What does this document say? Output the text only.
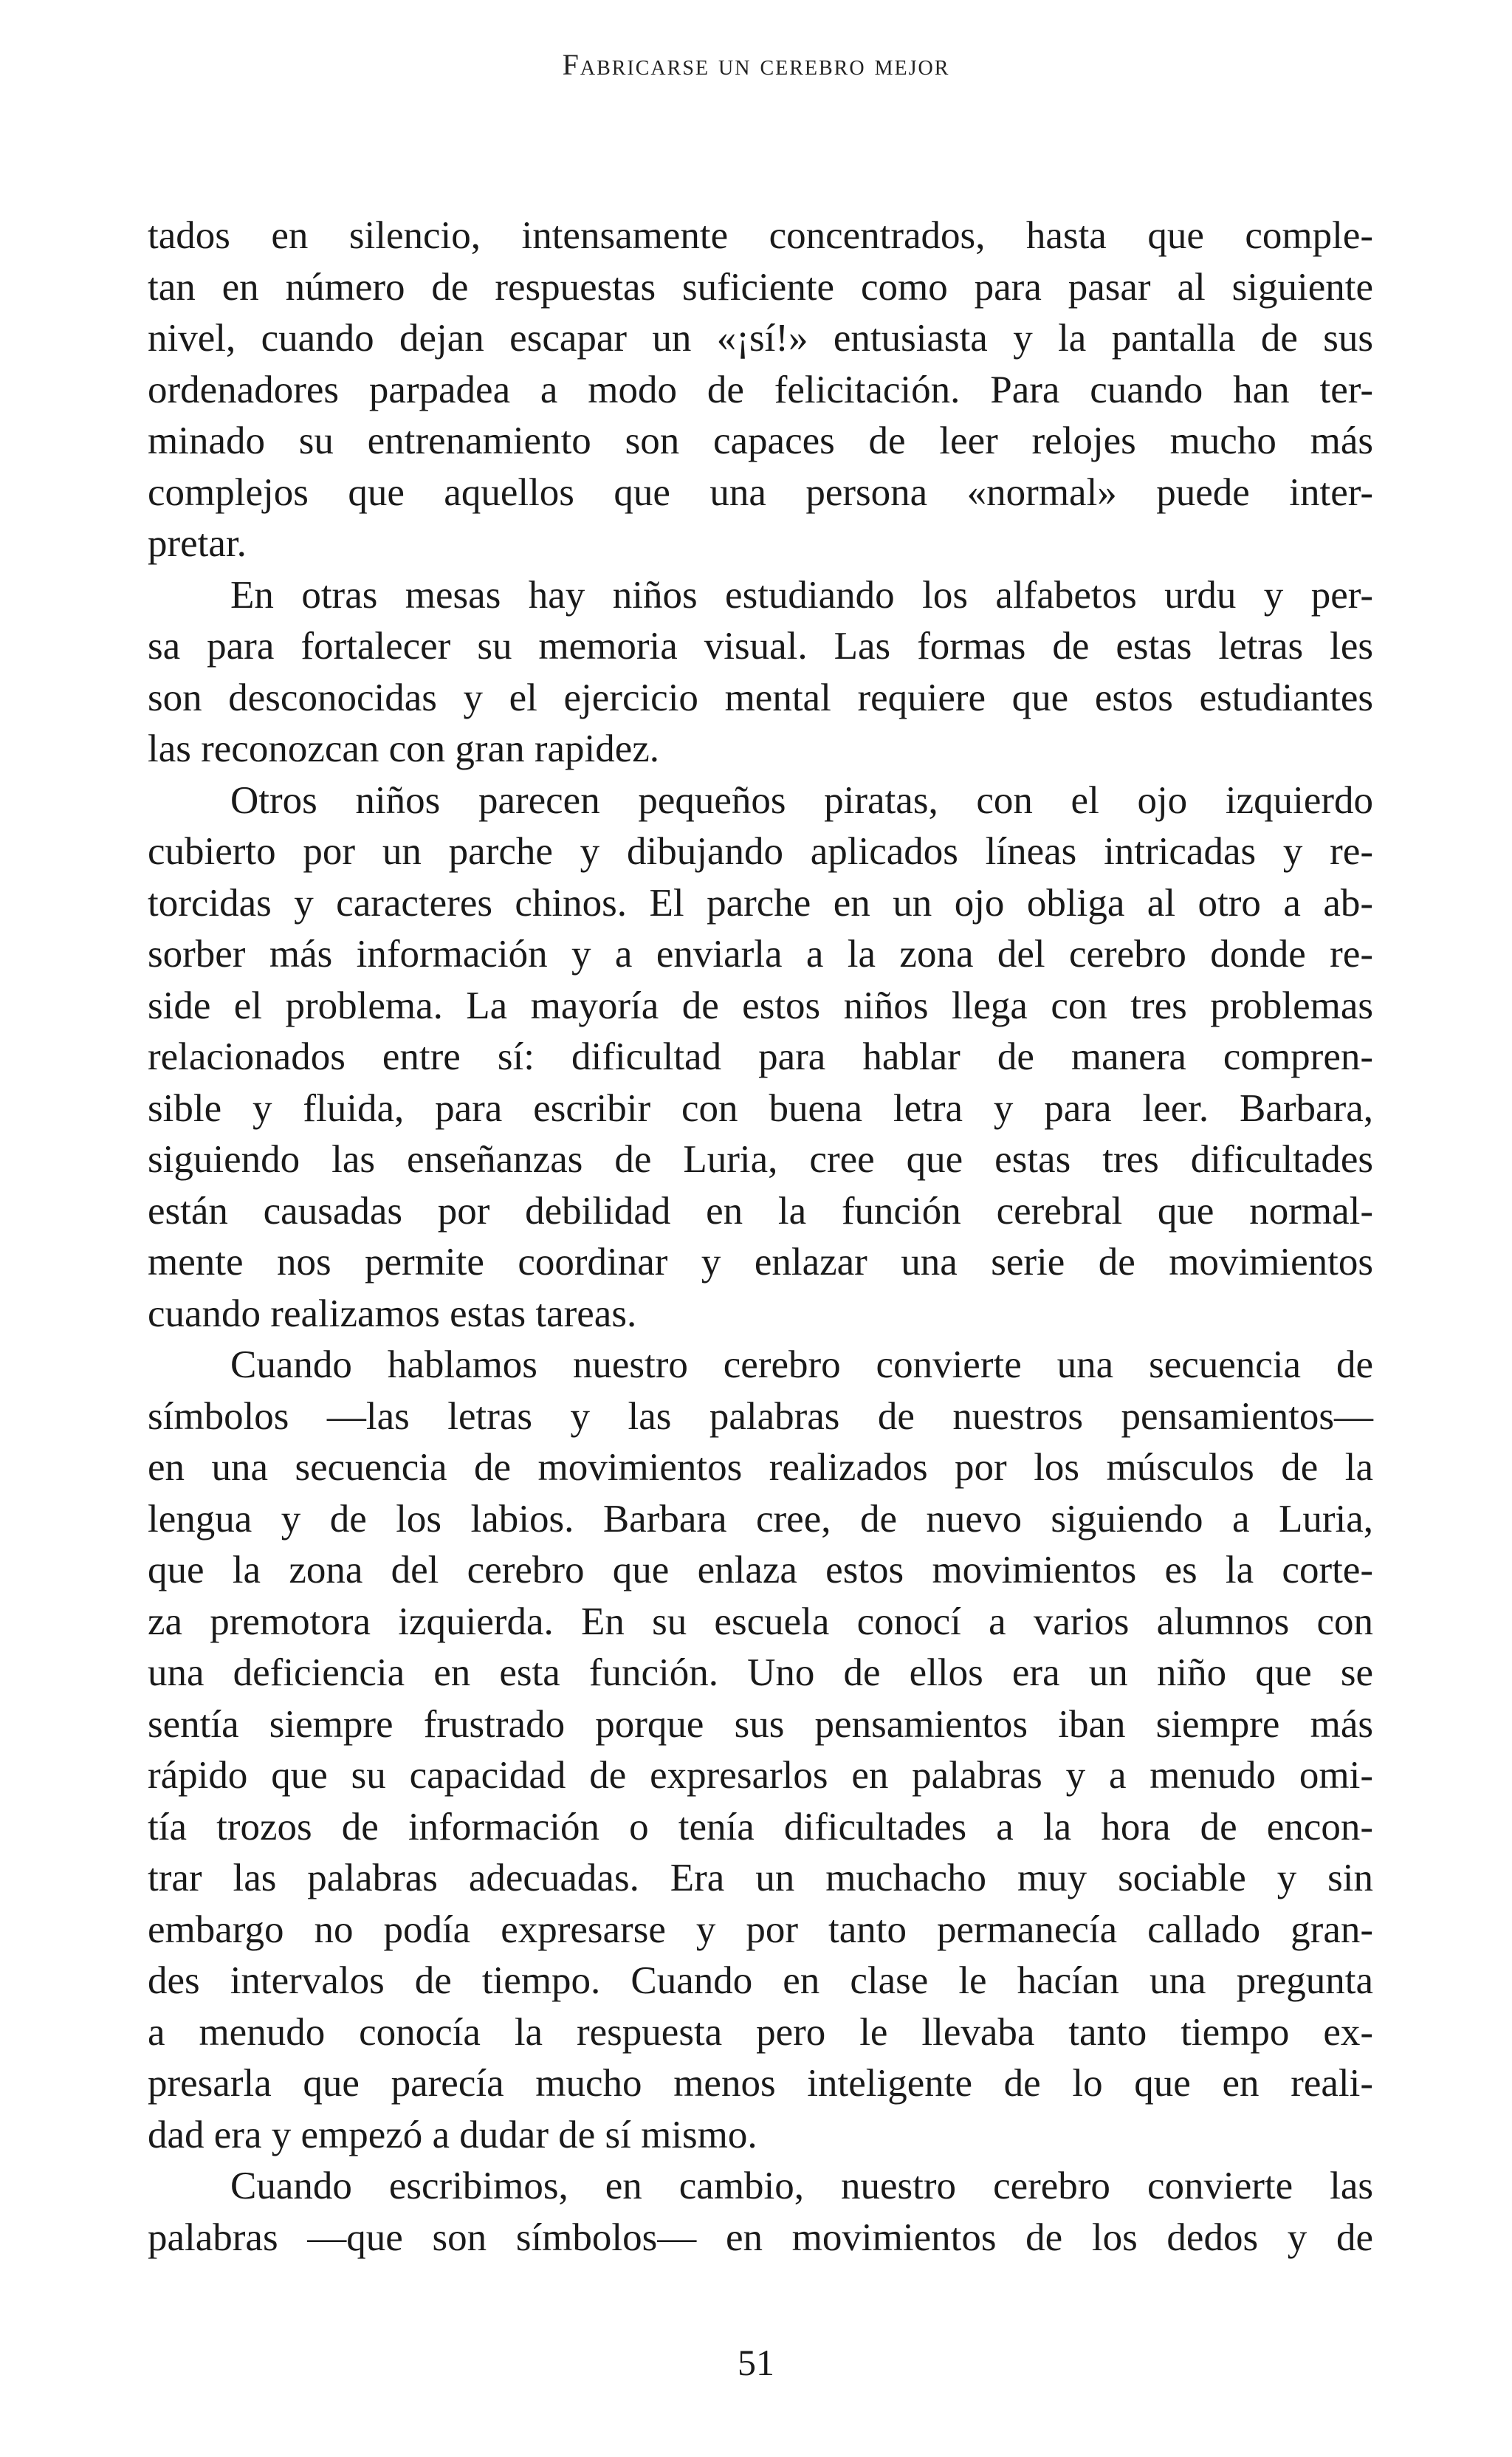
Fabricarse un cerebro mejor
tados en silencio, intensamente concentrados, hasta que comple-
tan en número de respuestas suficiente como para pasar al siguiente
nivel, cuando dejan escapar un «¡sí!» entusiasta y la pantalla de sus
ordenadores parpadea a modo de felicitación. Para cuando han ter-
minado su entrenamiento son capaces de leer relojes mucho más
complejos que aquellos que una persona «normal» puede inter-
pretar.
En otras mesas hay niños estudiando los alfabetos urdu y per-
sa para fortalecer su memoria visual. Las formas de estas letras les
son desconocidas y el ejercicio mental requiere que estos estudiantes
las reconozcan con gran rapidez.
Otros niños parecen pequeños piratas, con el ojo izquierdo
cubierto por un parche y dibujando aplicados líneas intricadas y re-
torcidas y caracteres chinos. El parche en un ojo obliga al otro a ab-
sorber más información y a enviarla a la zona del cerebro donde re-
side el problema. La mayoría de estos niños llega con tres problemas
relacionados entre sí: dificultad para hablar de manera compren-
sible y fluida, para escribir con buena letra y para leer. Barbara,
siguiendo las enseñanzas de Luria, cree que estas tres dificultades
están causadas por debilidad en la función cerebral que normal-
mente nos permite coordinar y enlazar una serie de movimientos
cuando realizamos estas tareas.
Cuando hablamos nuestro cerebro convierte una secuencia de
símbolos —las letras y las palabras de nuestros pensamientos—
en una secuencia de movimientos realizados por los músculos de la
lengua y de los labios. Barbara cree, de nuevo siguiendo a Luria,
que la zona del cerebro que enlaza estos movimientos es la corte-
za premotora izquierda. En su escuela conocí a varios alumnos con
una deficiencia en esta función. Uno de ellos era un niño que se
sentía siempre frustrado porque sus pensamientos iban siempre más
rápido que su capacidad de expresarlos en palabras y a menudo omi-
tía trozos de información o tenía dificultades a la hora de encon-
trar las palabras adecuadas. Era un muchacho muy sociable y sin
embargo no podía expresarse y por tanto permanecía callado gran-
des intervalos de tiempo. Cuando en clase le hacían una pregunta
a menudo conocía la respuesta pero le llevaba tanto tiempo ex-
presarla que parecía mucho menos inteligente de lo que en reali-
dad era y empezó a dudar de sí mismo.
Cuando escribimos, en cambio, nuestro cerebro convierte las
palabras —que son símbolos— en movimientos de los dedos y de
51
